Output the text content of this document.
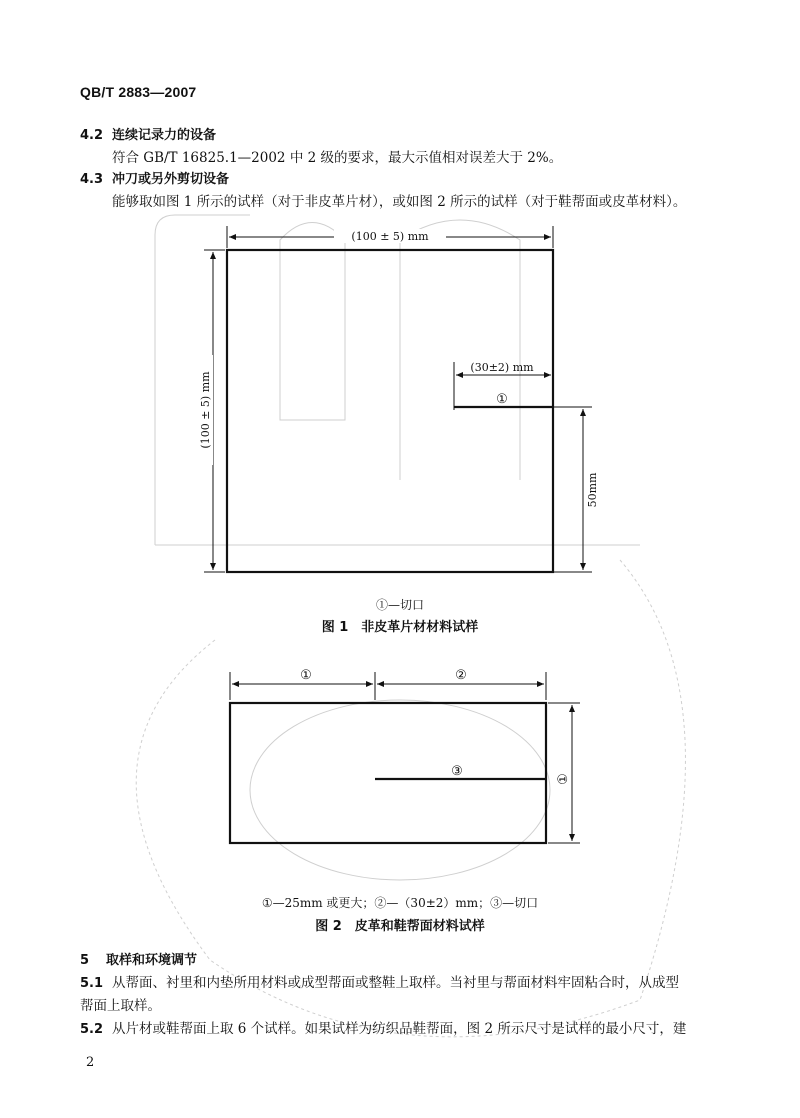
QB/T 2883—2007
4.2 连续记录力的设备
符合 GB/T 16825.1—2002 中 2 级的要求，最大示值相对误差大于 2%。
4.3 冲刀或另外剪切设备
能够取如图 1 所示的试样（对于非皮革片材），或如图 2 所示的试样（对于鞋帮面或皮革材料）。
(100 ± 5) mm
(100 ± 5) mm
(30±2) mm
50mm
①
①	②
③	①
①—切口
图 1　非皮革片材材料试样
①—25mm 或更大；②—（30±2）mm；③—切口
图 2　皮革和鞋帮面材料试样
5 取样和环境调节
5.1 从帮面、衬里和内垫所用材料或成型帮面或整鞋上取样。当衬里与帮面材料牢固粘合时，从成型
帮面上取样。
5.2 从片材或鞋帮面上取 6 个试样。如果试样为纺织品鞋帮面，图 2 所示尺寸是试样的最小尺寸，建
2
